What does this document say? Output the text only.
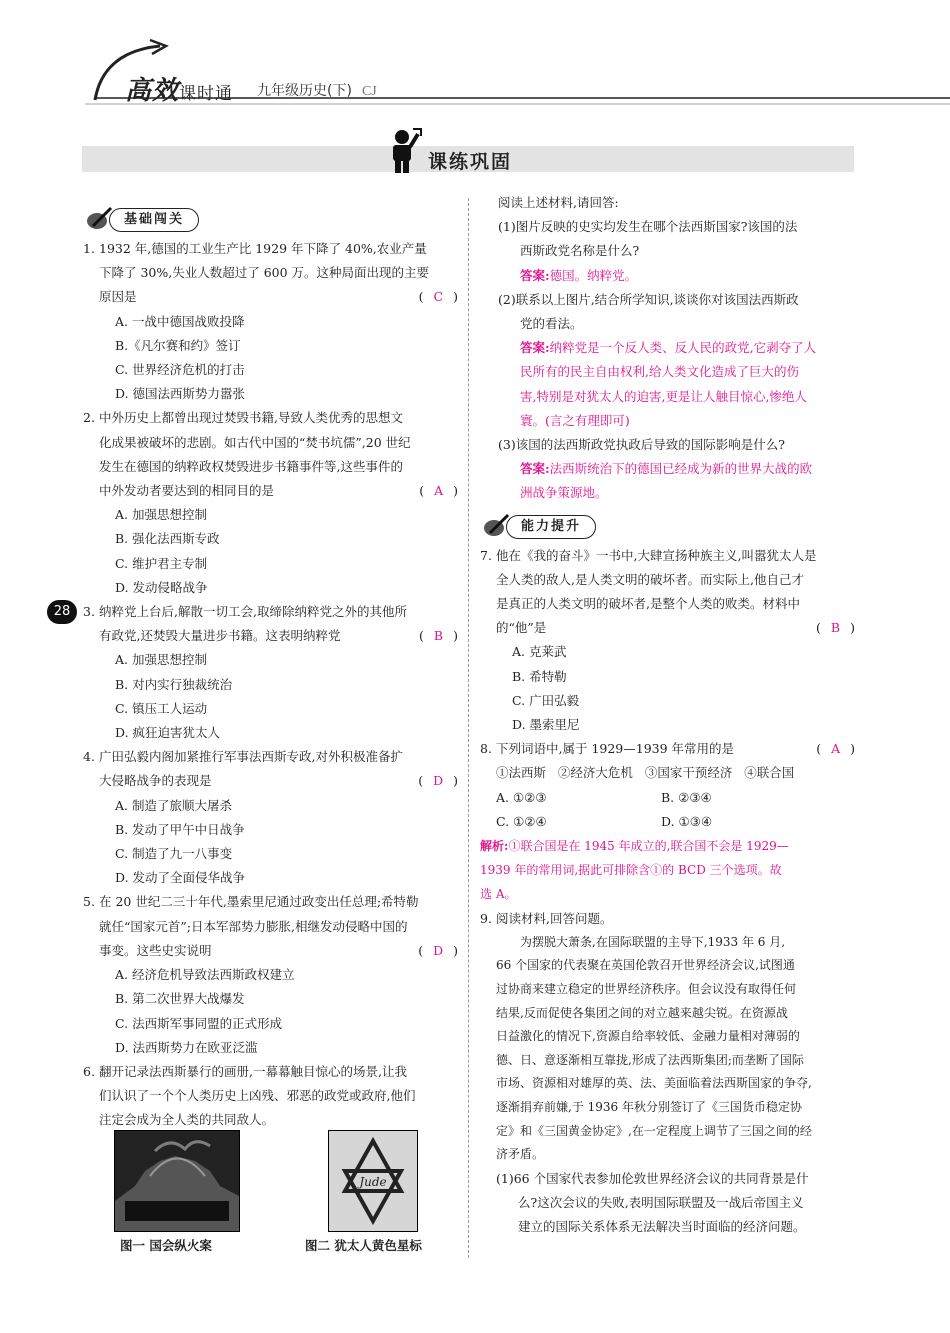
高效课时通 九年级历史(下) CJ
课练巩固
28
基础闯关
1. 1932 年,德国的工业生产比 1929 年下降了 40%,农业产量
下降了 30%,失业人数超过了 600 万。这种局面出现的主要
原因是	( C )
A. 一战中德国战败投降
B.《凡尔赛和约》签订
C. 世界经济危机的打击
D. 德国法西斯势力嚣张
2. 中外历史上都曾出现过焚毁书籍,导致人类优秀的思想文
化成果被破坏的悲剧。如古代中国的“焚书坑儒”,20 世纪
发生在德国的纳粹政权焚毁进步书籍事件等,这些事件的
中外发动者要达到的相同目的是	( A )
A. 加强思想控制
B. 强化法西斯专政
C. 维护君主专制
D. 发动侵略战争
3. 纳粹党上台后,解散一切工会,取缔除纳粹党之外的其他所
有政党,还焚毁大量进步书籍。这表明纳粹党	( B )
A. 加强思想控制
B. 对内实行独裁统治
C. 镇压工人运动
D. 疯狂迫害犹太人
4. 广田弘毅内阁加紧推行军事法西斯专政,对外积极准备扩
大侵略战争的表现是	( D )
A. 制造了旅顺大屠杀
B. 发动了甲午中日战争
C. 制造了九一八事变
D. 发动了全面侵华战争
5. 在 20 世纪二三十年代,墨索里尼通过政变出任总理;希特勒
就任“国家元首”;日本军部势力膨胀,相继发动侵略中国的
事变。这些史实说明	( D )
A. 经济危机导致法西斯政权建立
B. 第二次世界大战爆发
C. 法西斯军事同盟的正式形成
D. 法西斯势力在欧亚泛滥
6. 翻开记录法西斯暴行的画册,一幕幕触目惊心的场景,让我
们认识了一个个人类历史上凶残、邪恶的政党或政府,他们
注定会成为全人类的共同敌人。
Jude
图一 国会纵火案	图二 犹太人黄色星标
阅读上述材料,请回答:
(1)图片反映的史实均发生在哪个法西斯国家?该国的法
西斯政党名称是什么?
答案:德国。纳粹党。
(2)联系以上图片,结合所学知识,谈谈你对该国法西斯政
党的看法。
答案:纳粹党是一个反人类、反人民的政党,它剥夺了人
民所有的民主自由权利,给人类文化造成了巨大的伤
害,特别是对犹太人的迫害,更是让人触目惊心,惨绝人
寰。(言之有理即可)
(3)该国的法西斯政党执政后导致的国际影响是什么?
答案:法西斯统治下的德国已经成为新的世界大战的欧
洲战争策源地。
能力提升
7. 他在《我的奋斗》一书中,大肆宣扬种族主义,叫嚣犹太人是
全人类的敌人,是人类文明的破坏者。而实际上,他自己才
是真正的人类文明的破坏者,是整个人类的败类。材料中
的“他”是	( B )
A. 克莱武
B. 希特勒
C. 广田弘毅
D. 墨索里尼
8. 下列词语中,属于 1929—1939 年常用的是	( A )
①法西斯   ②经济大危机   ③国家干预经济   ④联合国
A. ①②③	B. ②③④
C. ①②④	D. ①③④
解析:①联合国是在 1945 年成立的,联合国不会是 1929—
1939 年的常用词,据此可排除含①的 BCD 三个选项。故
选 A。
9. 阅读材料,回答问题。
为摆脱大萧条,在国际联盟的主导下,1933 年 6 月,
66 个国家的代表聚在英国伦敦召开世界经济会议,试图通
过协商来建立稳定的世界经济秩序。但会议没有取得任何
结果,反而促使各集团之间的对立越来越尖锐。在资源战
日益激化的情况下,资源自给率较低、金融力量相对薄弱的
德、日、意逐渐相互靠拢,形成了法西斯集团;而垄断了国际
市场、资源相对雄厚的英、法、美面临着法西斯国家的争夺,
逐渐捐弃前嫌,于 1936 年秋分别签订了《三国货币稳定协
定》和《三国黄金协定》,在一定程度上调节了三国之间的经
济矛盾。
(1)66 个国家代表参加伦敦世界经济会议的共同背景是什
么?这次会议的失败,表明国际联盟及一战后帝国主义
建立的国际关系体系无法解决当时面临的经济问题。
